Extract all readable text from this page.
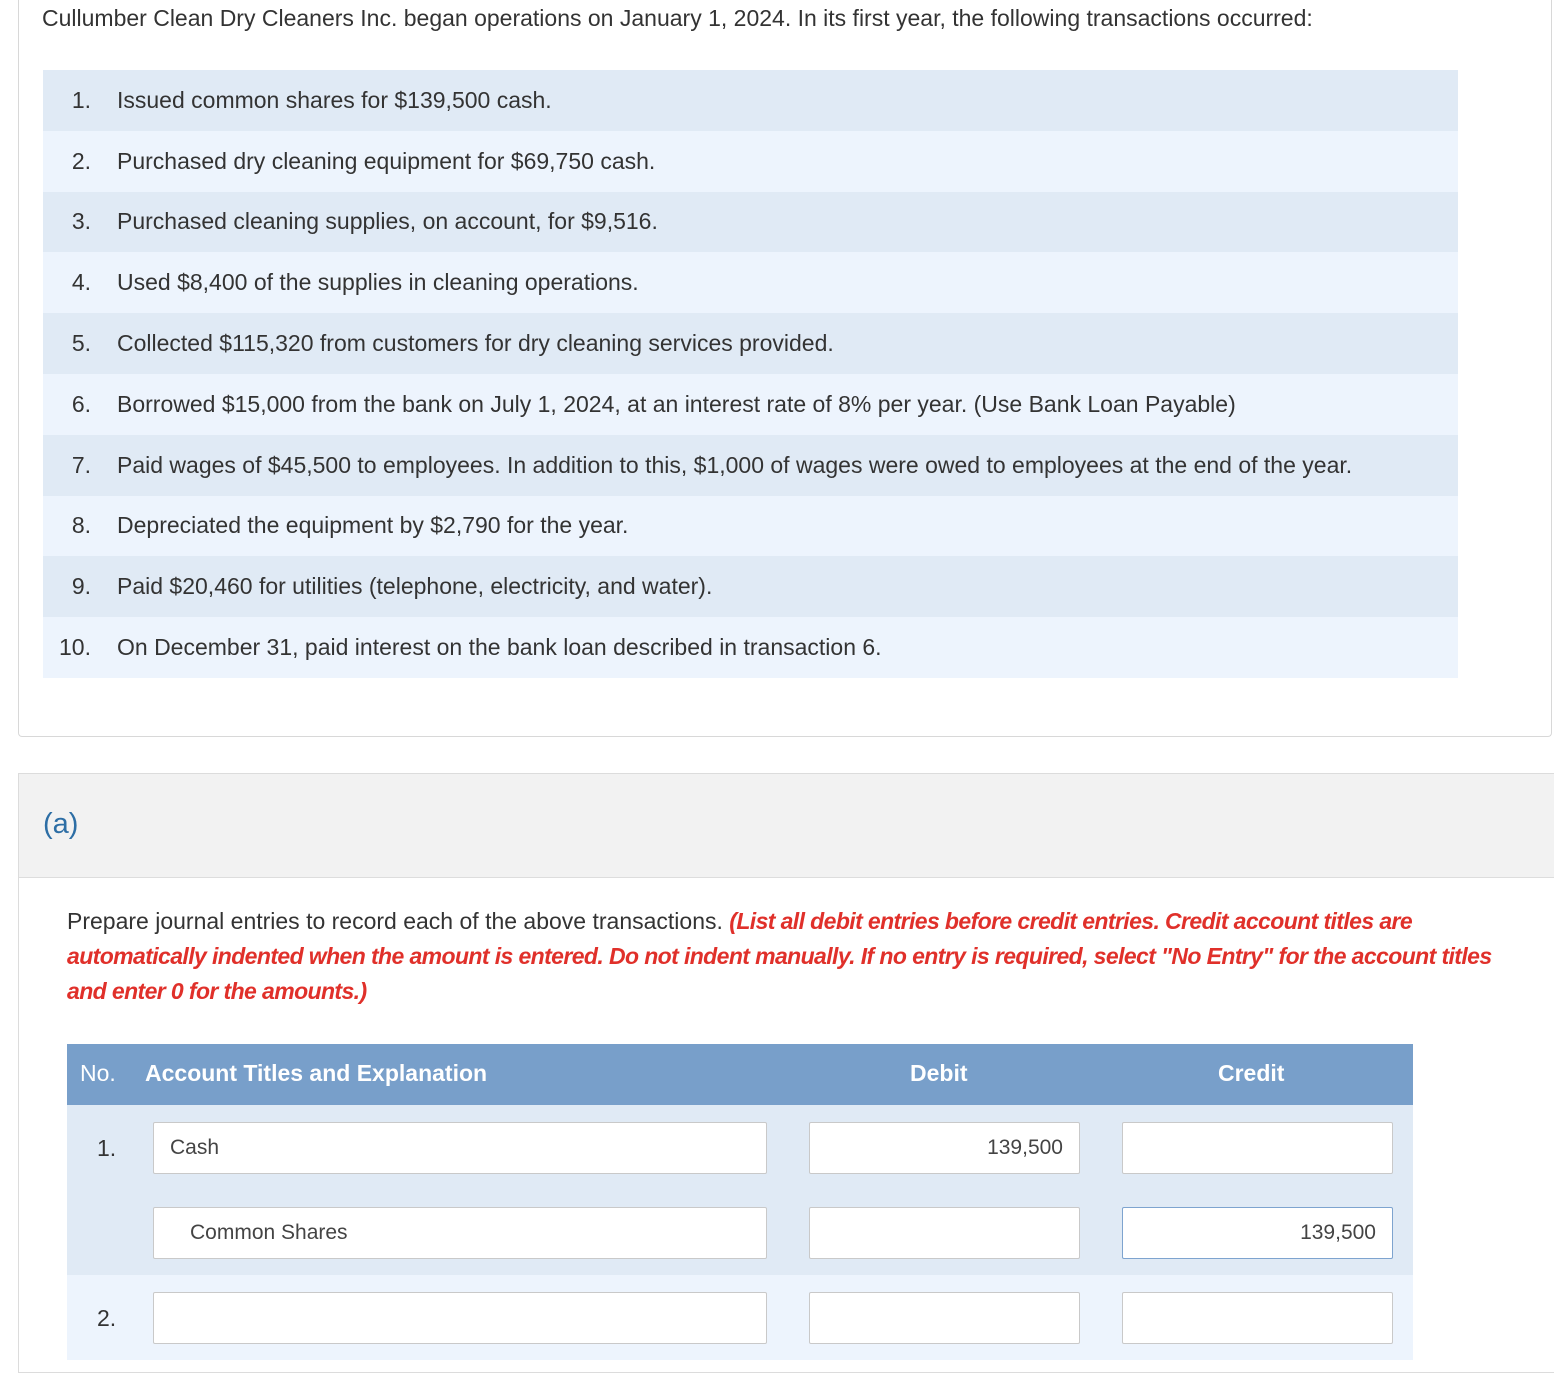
Cullumber Clean Dry Cleaners Inc. began operations on January 1, 2024. In its first year, the following transactions occurred:
1. Issued common shares for $139,500 cash.
2. Purchased dry cleaning equipment for $69,750 cash.
3. Purchased cleaning supplies, on account, for $9,516.
4. Used $8,400 of the supplies in cleaning operations.
5. Collected $115,320 from customers for dry cleaning services provided.
6. Borrowed $15,000 from the bank on July 1, 2024, at an interest rate of 8% per year. (Use Bank Loan Payable)
7. Paid wages of $45,500 to employees. In addition to this, $1,000 of wages were owed to employees at the end of the year.
8. Depreciated the equipment by $2,790 for the year.
9. Paid $20,460 for utilities (telephone, electricity, and water).
10. On December 31, paid interest on the bank loan described in transaction 6.
(a)
Prepare journal entries to record each of the above transactions. (List all debit entries before credit entries. Credit account titles are automatically indented when the amount is entered. Do not indent manually. If no entry is required, select "No Entry" for the account titles and enter 0 for the amounts.)
No. Account Titles and Explanation	Debit	Credit
1.
Cash
139,500
Common Shares
139,500
2.
